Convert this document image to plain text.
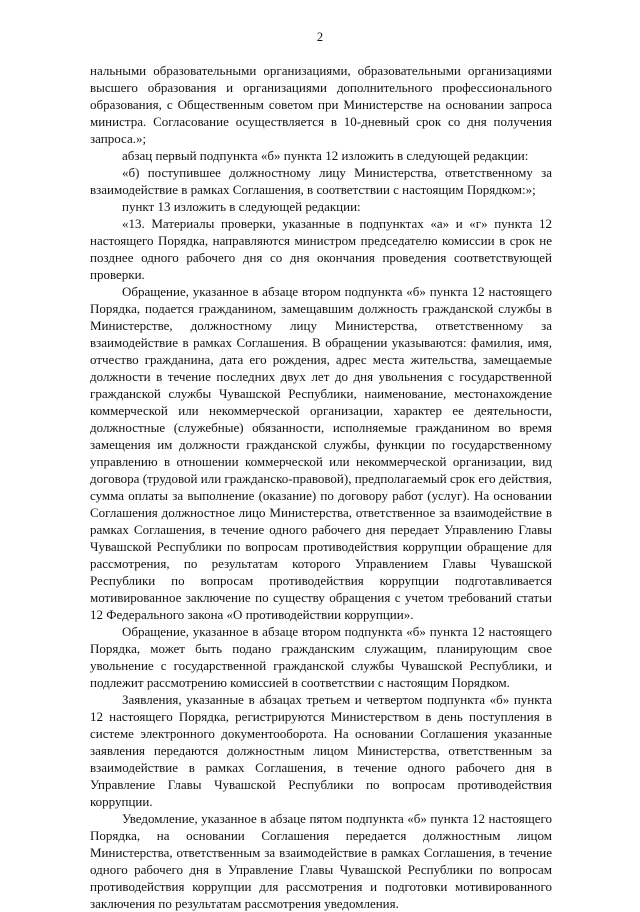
2

нальными образовательными организациями, образовательными организациями высшего образования и организациями дополнительного профессионального образования, с Общественным советом при Министерстве на основании запроса министра. Согласование осуществляется в 10-дневный срок со дня получения запроса.»;

абзац первый подпункта «б» пункта 12 изложить в следующей редакции:

«б) поступившее должностному лицу Министерства, ответственному за взаимодействие в рамках Соглашения, в соответствии с настоящим Порядком:»;

пункт 13 изложить в следующей редакции:

«13. Материалы проверки, указанные в подпунктах «а» и «г» пункта 12 настоящего Порядка, направляются министром председателю комиссии в срок не позднее одного рабочего дня со дня окончания проведения соответствующей проверки.

Обращение, указанное в абзаце втором подпункта «б» пункта 12 настоящего Порядка, подается гражданином, замещавшим должность гражданской службы в Министерстве, должностному лицу Министерства, ответственному за взаимодействие в рамках Соглашения. В обращении указываются: фамилия, имя, отчество гражданина, дата его рождения, адрес места жительства, замещаемые должности в течение последних двух лет до дня увольнения с государственной гражданской службы Чувашской Республики, наименование, местонахождение коммерческой или некоммерческой организации, характер ее деятельности, должностные (служебные) обязанности, исполняемые гражданином во время замещения им должности гражданской службы, функции по государственному управлению в отношении коммерческой или некоммерческой организации, вид договора (трудовой или гражданско-правовой), предполагаемый срок его действия, сумма оплаты за выполнение (оказание) по договору работ (услуг). На основании Соглашения должностное лицо Министерства, ответственное за взаимодействие в рамках Соглашения, в течение одного рабочего дня передает Управлению Главы Чувашской Республики по вопросам противодействия коррупции обращение для рассмотрения, по результатам которого Управлением Главы Чувашской Республики по вопросам противодействия коррупции подготавливается мотивированное заключение по существу обращения с учетом требований статьи 12 Федерального закона «О противодействии коррупции».

Обращение, указанное в абзаце втором подпункта «б» пункта 12 настоящего Порядка, может быть подано гражданским служащим, планирующим свое увольнение с государственной гражданской службы Чувашской Республики, и подлежит рассмотрению комиссией в соответствии с настоящим Порядком.

Заявления, указанные в абзацах третьем и четвертом подпункта «б» пункта 12 настоящего Порядка, регистрируются Министерством в день поступления в системе электронного документооборота. На основании Соглашения указанные заявления передаются должностным лицом Министерства, ответственным за взаимодействие в рамках Соглашения, в течение одного рабочего дня в Управление Главы Чувашской Республики по вопросам противодействия коррупции.

Уведомление, указанное в абзаце пятом подпункта «б» пункта 12 настоящего Порядка, на основании Соглашения передается должностным лицом Министерства, ответственным за взаимодействие в рамках Соглашения, в течение одного рабочего дня в Управление Главы Чувашской Республики по вопросам противодействия коррупции для рассмотрения и подготовки мотивированного заключения по результатам рассмотрения уведомления.
